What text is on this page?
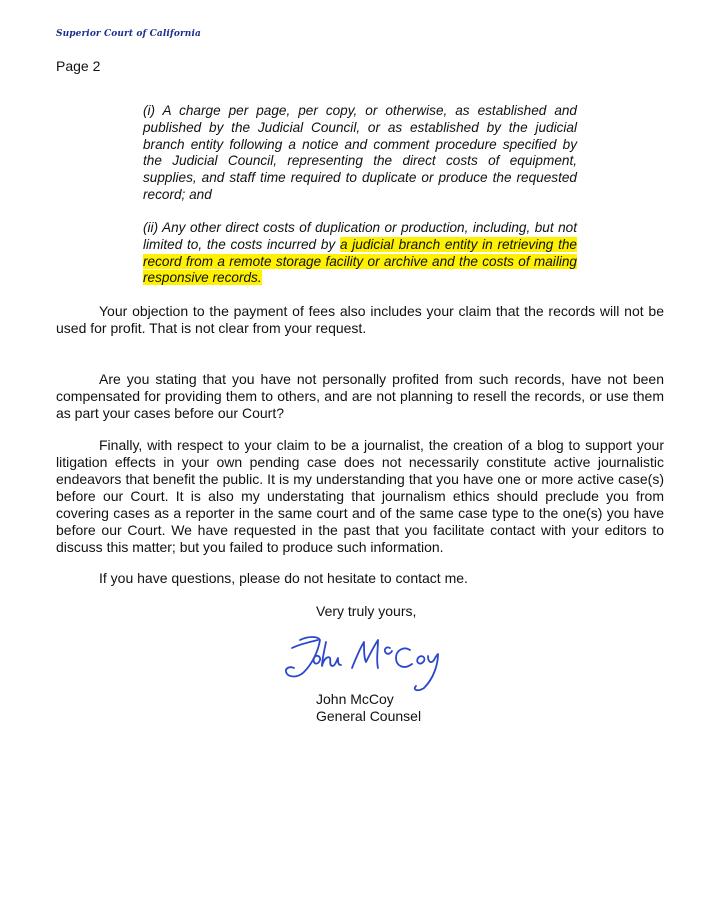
Superior Court of California
Page 2

(i) A charge per page, per copy, or otherwise, as established and published by the Judicial Council, or as established by the judicial branch entity following a notice and comment procedure specified by the Judicial Council, representing the direct costs of equipment, supplies, and staff time required to duplicate or produce the requested record; and

(ii) Any other direct costs of duplication or production, including, but not limited to, the costs incurred by a judicial branch entity in retrieving the record from a remote storage facility or archive and the costs of mailing responsive records.

Your objection to the payment of fees also includes your claim that the records will not be used for profit. That is not clear from your request.

Are you stating that you have not personally profited from such records, have not been compensated for providing them to others, and are not planning to resell the records, or use them as part your cases before our Court?

Finally, with respect to your claim to be a journalist, the creation of a blog to support your litigation effects in your own pending case does not necessarily constitute active journalistic endeavors that benefit the public. It is my understanding that you have one or more active case(s) before our Court. It is also my understating that journalism ethics should preclude you from covering cases as a reporter in the same court and of the same case type to the one(s) you have before our Court. We have requested in the past that you facilitate contact with your editors to discuss this matter; but you failed to produce such information.

If you have questions, please do not hesitate to contact me.

Very truly yours,
John McCoy
General Counsel
